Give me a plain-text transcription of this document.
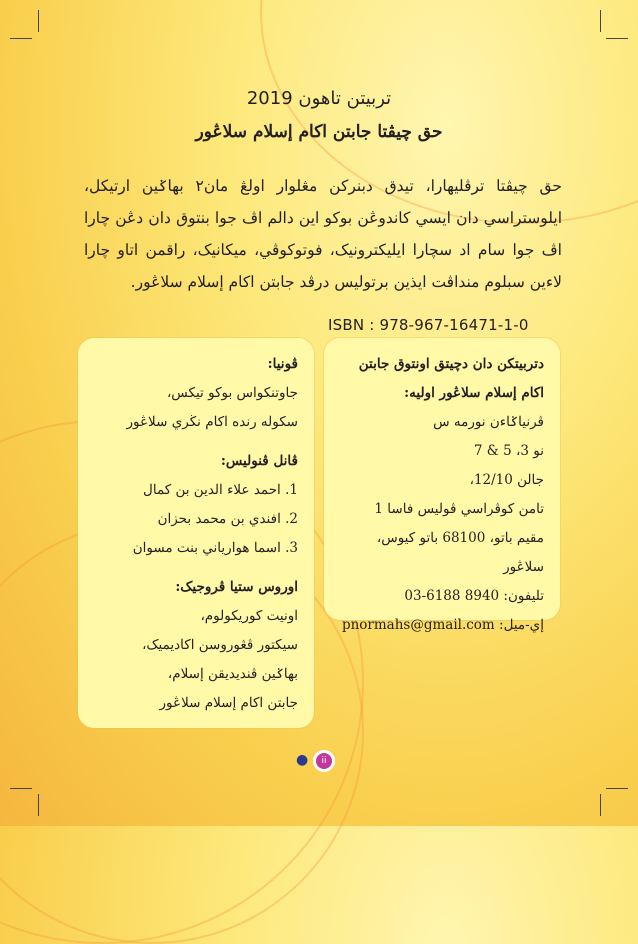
تربيتن تاهون 2019
حق چيڤتا جابتن اکام إسلام سلاڠور
حق چيڤتا ترڤليهارا، تيدق دبنرکن مڠلوار اولڠ مان٢ بهاݢين ارتيکل، ايلوستراسي دان ايسي کاندوڠن بوکو اين دالم اڤ جوا بنتوق دان دڠن چارا اڤ جوا سام اد سچارا ايليکترونيک، فوتوکوڤي، ميکانيک، راقمن اتاو چارا لاءين سبلوم منداڤت ايذين برتوليس درڤد جابتن اکام إسلام سلاڠور.
ISBN : 978-967-16471-1-0
دتربيتکن دان دچيتق اونتوق جابتن
اکام إسلام سلاڠور اوليه:
ڤرنياݢاءن نورمه س
نو 3، 5 & 7
جالن 12/10،
تامن کوڤراسي ڤوليس فاسا 1
مقيم باتو، 68100 باتو کيوس،
سلاڠور
تليفون: 8940 6188-03
إي-ميل: pnormahs@gmail.com
ڤونيا:
جاوتنکواس بوکو تيکس،
سکوله رنده اکام نڬري سلاڠور
ڤانل ڤنوليس:
1. احمد علاء الدين بن کمال
2. افندي بن محمد بحزان
3. اسما هوارياني بنت مسوان
اوروس ستيا ڤروجيک:
اونيت کوريکولوم،
سيکتور ڤڠوروسن اکاديميک،
بهاݢين ڤنديديقن إسلام،
جابتن اکام إسلام سلاڠور
●	ii
